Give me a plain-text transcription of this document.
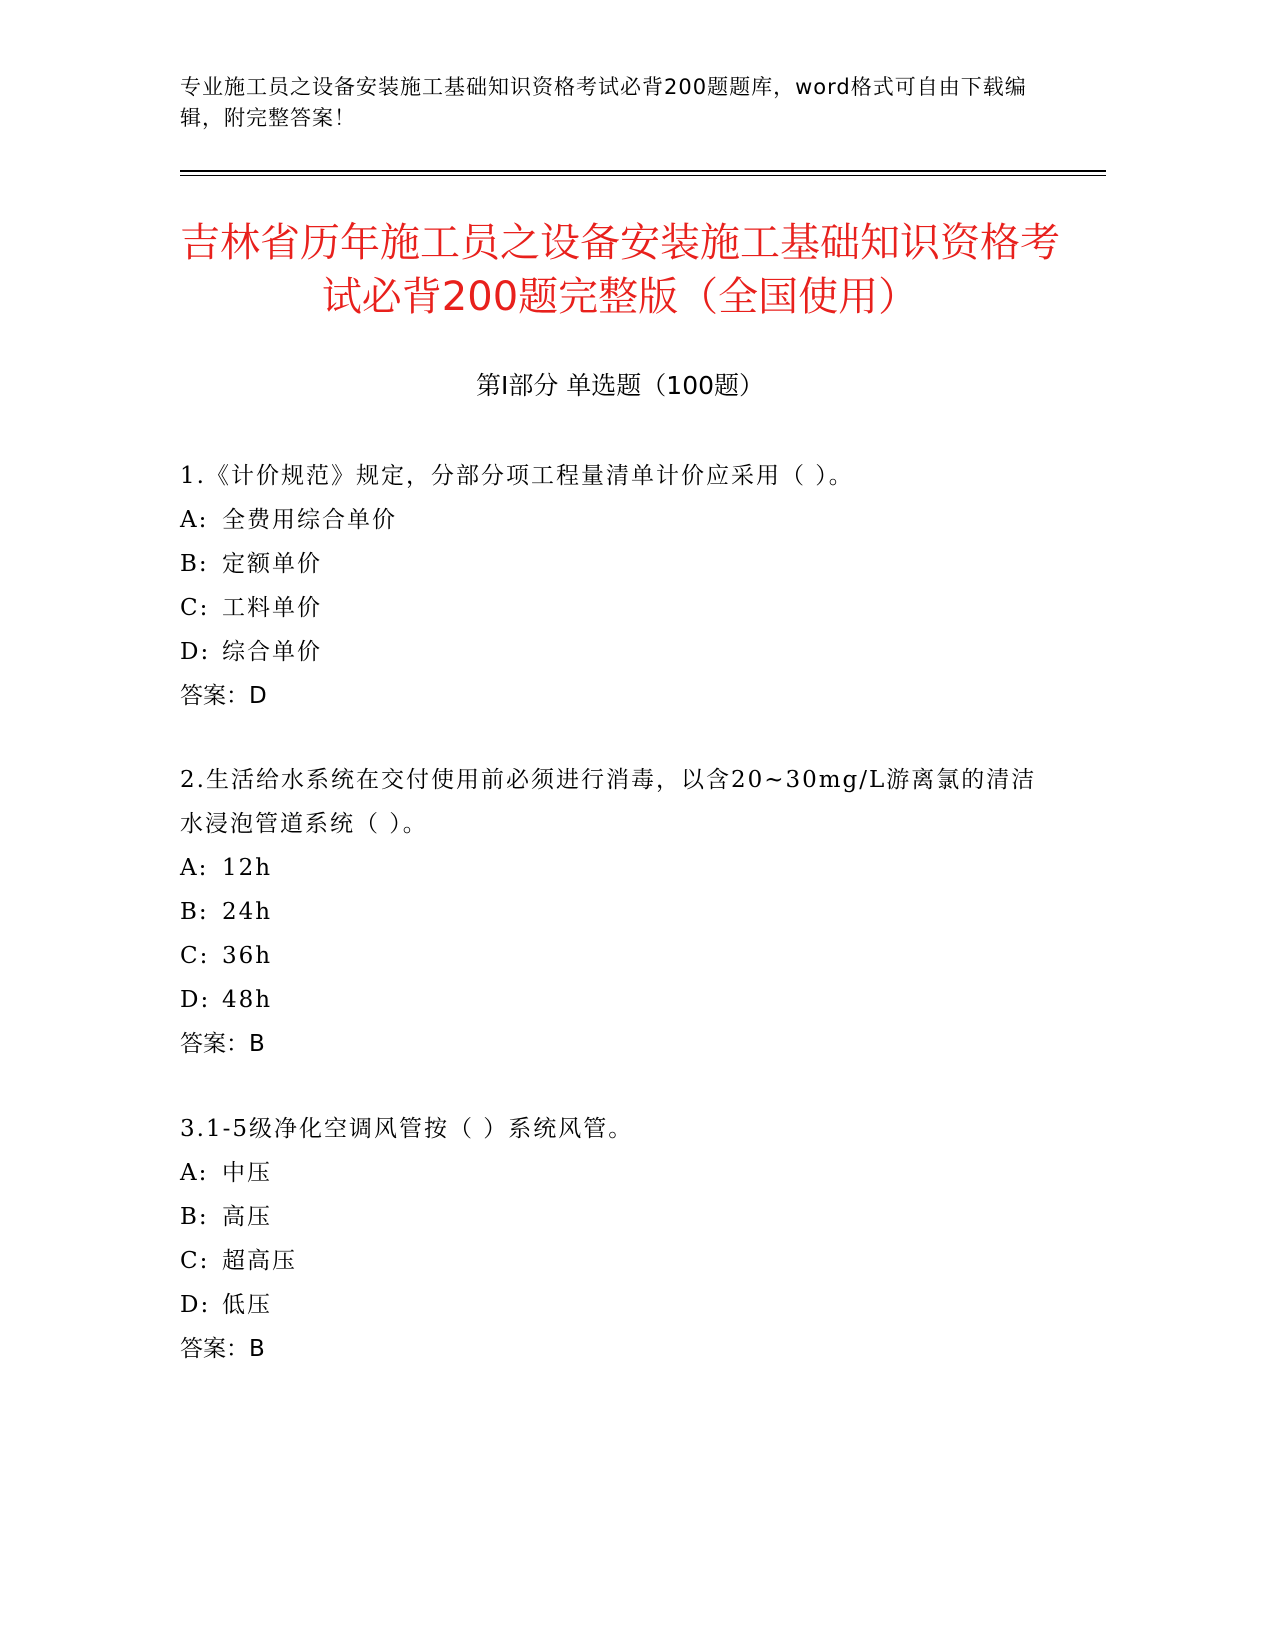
专业施工员之设备安装施工基础知识资格考试必背200题题库，word格式可自由下载编辑，附完整答案！
吉林省历年施工员之设备安装施工基础知识资格考试必背200题完整版（全国使用）
第Ⅰ部分 单选题（100题）
1.《计价规范》规定，分部分项工程量清单计价应采用（ ）。
A: 全费用综合单价
B: 定额单价
C: 工料单价
D: 综合单价
答案：D
2.生活给水系统在交付使用前必须进行消毒，以含20~30mg/L游离氯的清洁水浸泡管道系统（ ）。
A: 12h
B: 24h
C: 36h
D: 48h
答案：B
3.1-5级净化空调风管按（ ）系统风管。
A: 中压
B: 高压
C: 超高压
D: 低压
答案：B
